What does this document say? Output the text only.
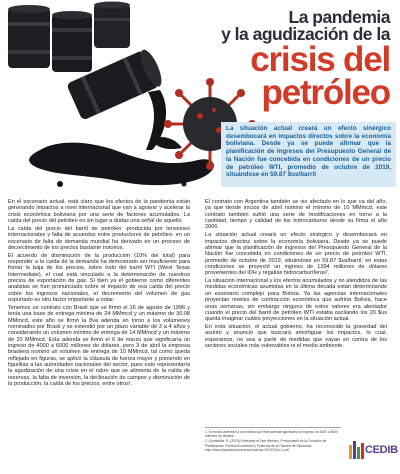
La pandemia
y la agudización de la
crisis del
petróleo

La situación actual creará un efecto sinérgico desembocará en impactos directos sobre la economía boliviana. Desde ya se puede afirmar que la planificación de ingresos del Presupuesto General de la Nación fue concebida en condiciones de un precio de petróleo WTI, promedio de octubre de 2019, situándose en 59.87 $us/barril

En el escenario actual, está claro que los efectos de la pandemia están generando impactos a nivel internacional que van a agravar y acelerar la crisis económica boliviana por una serie de factores acumulados. La caída del precio del petróleo es sin lugar a dudas una señal de aquello.

La caída del precio del barril de petróleo -producida por tensiones internacionales y falta de acuerdos entre productores de petróleo- en un escenario de falta de demanda mundial ha derivado en un proceso de decrecimiento de los precios bastante notorios.

El acuerdo de disminución de la producción (10% del total) para responder a la caída de la demanda ha demostrado ser insuficiente para frenar la baja de los precios, sobre todo del barril WTI (West Texas Intermediate), el cual está vinculado a la determinación de nuestros precios de exportación de gas. Si bien ya el gobierno como diferentes analistas se han pronunciado sobre el impacto de esa caída del precio sobre los ingresos nacionales, el decremento del volumen de gas exportado es otro factor importante a notar.

Tenemos un contrato con Brasil que se firmó el 16 de agosto de 1996 y tenía una base de entrega mínima de 24 MMmcd y un máximo de 30.08 MMmcd, este año se firmó la 8va adenda en torno a los volúmenes nominados por Brasil y se extendió por un plazo variable de 3 a 4 años y considerando un volumen mínimo de entrega de 14 MMmcd y un máximo de 20 MMmcd. Esta adenda se firmó el 6 de marzo que significaría un ingreso de 4000 a 6000 millones de dólares, pero 3 de abril la empresa brasilera nominó un volumen de entrega de 10 MMmcd, tal como queda reflejado en figuras, se aplicó la cláusula de fuerza mayor y poniendo en figurillas a las autoridades nacionales del sector, pues esto representaría la agudización de una crisis en el rubro que se alimenta de la caída de reservas, la falta de inversión, la declinación de campos y disminución de la producción, la caída de los precios, entre otros¹.

El contrato con Argentina también se vio afectado en lo que va del año, ya que desde inicios de abril nominó el mínimo de 10 MMmcd, este contrato también sufrió una serie de modificaciones en torno a la cantidad, tiempo y calidad de los hidrocarburos desde su firma el año 2006.

La situación actual creará un efecto sinérgico y desembocará en impactos directos sobre la economía boliviana. Desde ya se puede afirmar que la planificación de ingresos del Presupuesto General de la Nación fue concebida en condiciones de un precio de petróleo WTI, promedio de octubre de 2019, situándose en 59.87 $us/barril; en estas condiciones se proyectó un ingreso de 1394 millones de dólares provenientes del IDH y regalías hidrocarburíferas².

La situación internacional y los efectos acumulados y no atendidos de las medidas económicas asumidas en la última década están determinando un escenario complejo para Bolivia. Ya las agencias internacionales proyectan niveles de contracción económica que sufriría Bolivia, hace unas semanas, sin embargo ninguno de estos valores era alentador cuando el precio del barril de petróleo WTI estaba oscilando los 20 $us queda imaginar cuáles proyecciones en la situación actual.

En esta situación, el actual gobierno, ha reconocido la gravedad del asunto y anunció que buscará amortiguar los impactos, lo cual, esperamos, no sea a partir de medidas que vayan en contra de los sectores sociales más vulnerables ni el medio ambiente.

1. El minuto anteriora a los medios que éste adenda significaría un ingreso de 4000 a 6000 millones de dólares.

2. Quintanilla, R. (2019) Entrevista al Vice Ministro, Presupuesto de la Comisión de Planificación, Política Económica y Finanzas de la Cámara de Diputados. http://www.diputados.bo/prensa/noticias-2019/12/cd-1.pdf	CEDIB
